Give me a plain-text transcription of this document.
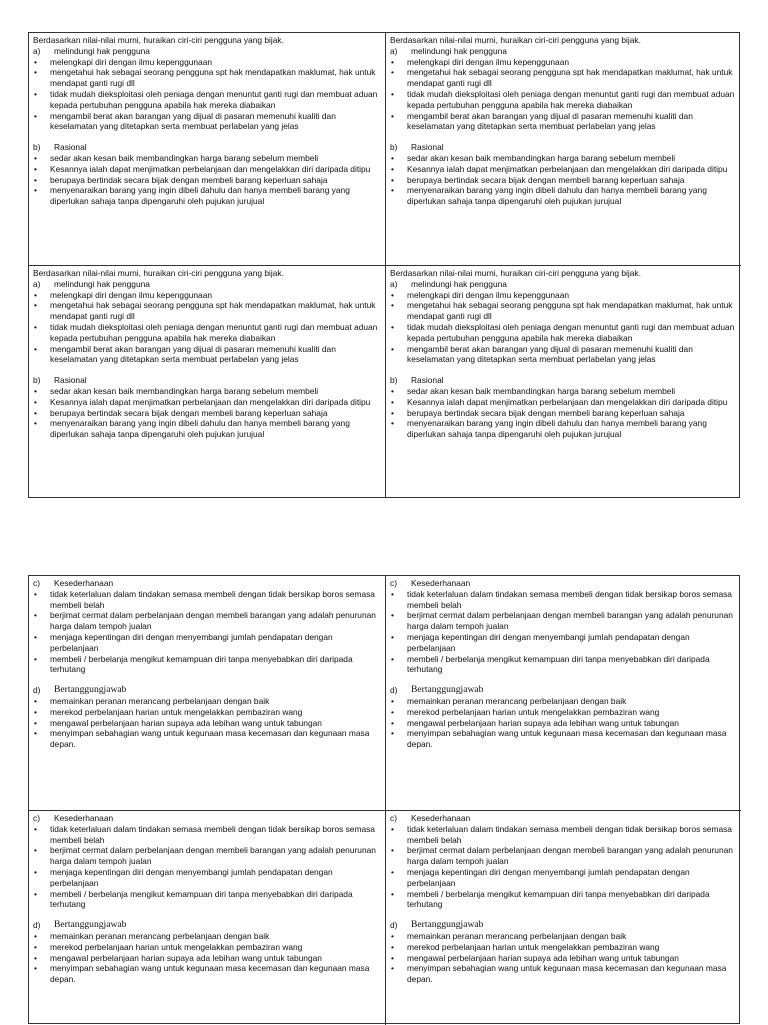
Berdasarkan nilai-nilai murni, huraikan ciri-ciri pengguna yang bijak.
a)	melindungi hak pengguna
• melengkapi diri dengan ilmu kepenggunaan
• mengetahui hak sebagai seorang pengguna spt hak mendapatkan maklumat, hak untuk mendapat ganti rugi dll
• tidak mudah dieksploitasi oleh peniaga dengan menuntut ganti rugi dan membuat aduan kepada pertubuhan pengguna apabila hak mereka diabaikan
• mengambil berat akan barangan yang dijual di pasaran memenuhi kualiti dan keselamatan yang ditetapkan serta membuat perlabelan yang jelas
b)	Rasional
• sedar akan kesan baik membandingkan harga barang sebelum membeli
• Kesannya ialah dapat menjimatkan perbelanjaan dan mengelakkan diri daripada ditipu
• berupaya bertindak secara bijak dengan membeli barang keperluan sahaja
• menyenaraikan barang yang ingin dibeli dahulu dan hanya membeli barang yang diperlukan sahaja tanpa dipengaruhi oleh pujukan jurujual
Berdasarkan nilai-nilai murni, huraikan ciri-ciri pengguna yang bijak.
a)	melindungi hak pengguna
• melengkapi diri dengan ilmu kepenggunaan
• mengetahui hak sebagai seorang pengguna spt hak mendapatkan maklumat, hak untuk mendapat ganti rugi dll
• tidak mudah dieksploitasi oleh peniaga dengan menuntut ganti rugi dan membuat aduan kepada pertubuhan pengguna apabila hak mereka diabaikan
• mengambil berat akan barangan yang dijual di pasaran memenuhi kualiti dan keselamatan yang ditetapkan serta membuat perlabelan yang jelas
b)	Rasional
• sedar akan kesan baik membandingkan harga barang sebelum membeli
• Kesannya ialah dapat menjimatkan perbelanjaan dan mengelakkan diri daripada ditipu
• berupaya bertindak secara bijak dengan membeli barang keperluan sahaja
• menyenaraikan barang yang ingin dibeli dahulu dan hanya membeli barang yang diperlukan sahaja tanpa dipengaruhi oleh pujukan jurujual
Berdasarkan nilai-nilai murni, huraikan ciri-ciri pengguna yang bijak.
a)	melindungi hak pengguna
• melengkapi diri dengan ilmu kepenggunaan
• mengetahui hak sebagai seorang pengguna spt hak mendapatkan maklumat, hak untuk mendapat ganti rugi dll
• tidak mudah dieksploitasi oleh peniaga dengan menuntut ganti rugi dan membuat aduan kepada pertubuhan pengguna apabila hak mereka diabaikan
• mengambil berat akan barangan yang dijual di pasaran memenuhi kualiti dan keselamatan yang ditetapkan serta membuat perlabelan yang jelas
b)	Rasional
• sedar akan kesan baik membandingkan harga barang sebelum membeli
• Kesannya ialah dapat menjimatkan perbelanjaan dan mengelakkan diri daripada ditipu
• berupaya bertindak secara bijak dengan membeli barang keperluan sahaja
• menyenaraikan barang yang ingin dibeli dahulu dan hanya membeli barang yang diperlukan sahaja tanpa dipengaruhi oleh pujukan jurujual
Berdasarkan nilai-nilai murni, huraikan ciri-ciri pengguna yang bijak.
a)	melindungi hak pengguna
• melengkapi diri dengan ilmu kepenggunaan
• mengetahui hak sebagai seorang pengguna spt hak mendapatkan maklumat, hak untuk mendapat ganti rugi dll
• tidak mudah dieksploitasi oleh peniaga dengan menuntut ganti rugi dan membuat aduan kepada pertubuhan pengguna apabila hak mereka diabaikan
• mengambil berat akan barangan yang dijual di pasaran memenuhi kualiti dan keselamatan yang ditetapkan serta membuat perlabelan yang jelas
b)	Rasional
• sedar akan kesan baik membandingkan harga barang sebelum membeli
• Kesannya ialah dapat menjimatkan perbelanjaan dan mengelakkan diri daripada ditipu
• berupaya bertindak secara bijak dengan membeli barang keperluan sahaja
• menyenaraikan barang yang ingin dibeli dahulu dan hanya membeli barang yang diperlukan sahaja tanpa dipengaruhi oleh pujukan jurujual
c)	Kesederhanaan
• tidak keterlaluan dalam tindakan semasa membeli dengan tidak bersikap boros semasa membeli belah
• berjimat cermat dalam perbelanjaan dengan membeli barangan yang adalah penurunan harga dalam tempoh jualan
• menjaga kepentingan diri dengan menyembangi jumlah pendapatan dengan perbelanjaan
• membeli / berbelanja mengikut kemampuan diri tanpa menyebabkan diri daripada terhutang
d) Bertanggungjawab
• memainkan peranan merancang perbelanjaan dengan baik
• merekod perbelanjaan harian untuk mengelakkan pembaziran wang
• mengawal perbelanjaan harian supaya ada lebihan wang untuk tabungan
• menyimpan sebahagian wang untuk kegunaan masa kecemasan dan kegunaan masa depan.
c)	Kesederhanaan
• tidak keterlaluan dalam tindakan semasa membeli dengan tidak bersikap boros semasa membeli belah
• berjimat cermat dalam perbelanjaan dengan membeli barangan yang adalah penurunan harga dalam tempoh jualan
• menjaga kepentingan diri dengan menyembangi jumlah pendapatan dengan perbelanjaan
• membeli / berbelanja mengikut kemampuan diri tanpa menyebabkan diri daripada terhutang
d) Bertanggungjawab
• memainkan peranan merancang perbelanjaan dengan baik
• merekod perbelanjaan harian untuk mengelakkan pembaziran wang
• mengawal perbelanjaan harian supaya ada lebihan wang untuk tabungan
• menyimpan sebahagian wang untuk kegunaan masa kecemasan dan kegunaan masa depan.
c)	Kesederhanaan
• tidak keterlaluan dalam tindakan semasa membeli dengan tidak bersikap boros semasa membeli belah
• berjimat cermat dalam perbelanjaan dengan membeli barangan yang adalah penurunan harga dalam tempoh jualan
• menjaga kepentingan diri dengan menyembangi jumlah pendapatan dengan perbelanjaan
• membeli / berbelanja mengikut kemampuan diri tanpa menyebabkan diri daripada terhutang
d) Bertanggungjawab
• memainkan peranan merancang perbelanjaan dengan baik
• merekod perbelanjaan harian untuk mengelakkan pembaziran wang
• mengawal perbelanjaan harian supaya ada lebihan wang untuk tabungan
• menyimpan sebahagian wang untuk kegunaan masa kecemasan dan kegunaan masa depan.
c)	Kesederhanaan
• tidak keterlaluan dalam tindakan semasa membeli dengan tidak bersikap boros semasa membeli belah
• berjimat cermat dalam perbelanjaan dengan membeli barangan yang adalah penurunan harga dalam tempoh jualan
• menjaga kepentingan diri dengan menyembangi jumlah pendapatan dengan perbelanjaan
• membeli / berbelanja mengikut kemampuan diri tanpa menyebabkan diri daripada terhutang
d) Bertanggungjawab
• memainkan peranan merancang perbelanjaan dengan baik
• merekod perbelanjaan harian untuk mengelakkan pembaziran wang
• mengawal perbelanjaan harian supaya ada lebihan wang untuk tabungan
• menyimpan sebahagian wang untuk kegunaan masa kecemasan dan kegunaan masa depan.
